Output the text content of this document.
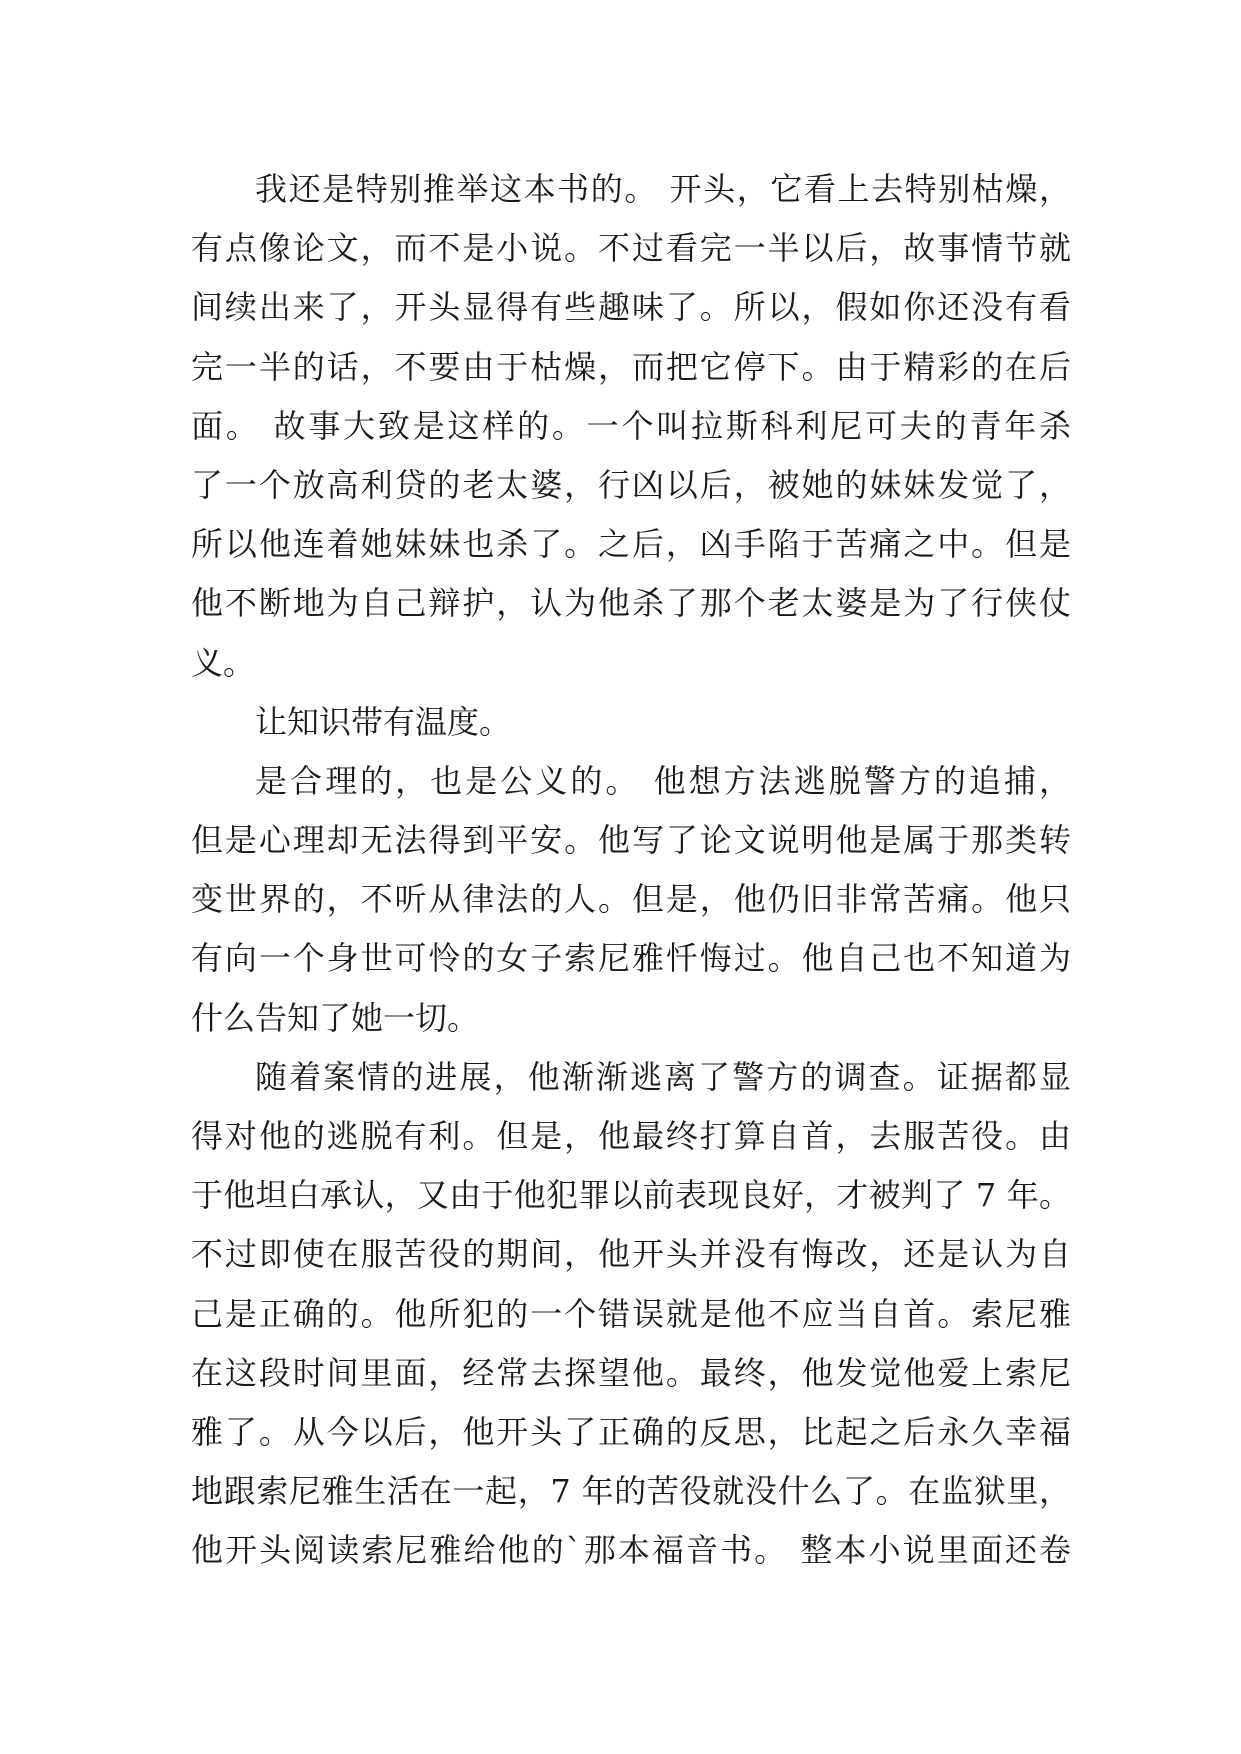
我还是特别推举这本书的。 开头，它看上去特别枯燥，
有点像论文，而不是小说。不过看完一半以后，故事情节就
间续出来了，开头显得有些趣味了。所以，假如你还没有看
完一半的话，不要由于枯燥，而把它停下。由于精彩的在后
面。 故事大致是这样的。一个叫拉斯科利尼可夫的青年杀
了一个放高利贷的老太婆，行凶以后，被她的妹妹发觉了，
所以他连着她妹妹也杀了。之后，凶手陷于苦痛之中。但是
他不断地为自己辩护，认为他杀了那个老太婆是为了行侠仗
义。
让知识带有温度。
是合理的，也是公义的。 他想方法逃脱警方的追捕，
但是心理却无法得到平安。他写了论文说明他是属于那类转
变世界的，不听从律法的人。但是，他仍旧非常苦痛。他只
有向一个身世可怜的女子索尼雅忏悔过。他自己也不知道为
什么告知了她一切。
随着案情的进展，他渐渐逃离了警方的调查。证据都显
得对他的逃脱有利。但是，他最终打算自首，去服苦役。由
于他坦白承认，又由于他犯罪以前表现良好，才被判了 7 年。
不过即使在服苦役的期间，他开头并没有悔改，还是认为自
己是正确的。他所犯的一个错误就是他不应当自首。索尼雅
在这段时间里面，经常去探望他。最终，他发觉他爱上索尼
雅了。从今以后，他开头了正确的反思，比起之后永久幸福
地跟索尼雅生活在一起，7 年的苦役就没什么了。在监狱里，
他开头阅读索尼雅给他的`那本福音书。 整本小说里面还卷
